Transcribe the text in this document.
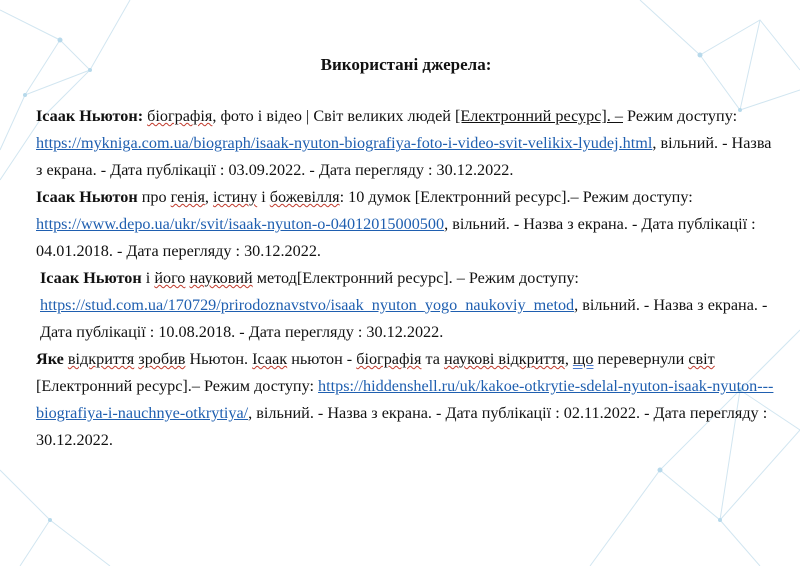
Використані джерела:

Ісаак Ньютон: біографія, фото і відео | Світ великих людей [Електронний ресурс]. – Режим доступу: https://mykniga.com.ua/biograph/isaak-nyuton-biografiya-foto-i-video-svit-velikix-lyudej.html, вільний. - Назва з екрана. - Дата публікації : 03.09.2022. - Дата перегляду : 30.12.2022.

Ісаак Ньютон про генія, істину і божевілля: 10 думок [Електронний ресурс].– Режим доступу: https://www.depo.ua/ukr/svit/isaak-nyuton-o-04012015000500, вільний. - Назва з екрана. - Дата публікації : 04.01.2018. - Дата перегляду : 30.12.2022.

Ісаак Ньютон і його науковий метод[Електронний ресурс]. – Режим доступу: https://stud.com.ua/170729/prirodoznavstvo/isaak_nyuton_yogo_naukoviy_metod, вільний. - Назва з екрана. - Дата публікації : 10.08.2018. - Дата перегляду : 30.12.2022.

Яке відкриття зробив Ньютон. Ісаак ньютон - біографія та наукові відкриття, що перевернули світ [Електронний ресурс].– Режим доступу: https://hiddenshell.ru/uk/kakoe-otkrytie-sdelal-nyuton-isaak-nyuton---biografiya-i-nauchnye-otkrytiya/, вільний. - Назва з екрана. - Дата публікації : 02.11.2022. - Дата перегляду : 30.12.2022.
